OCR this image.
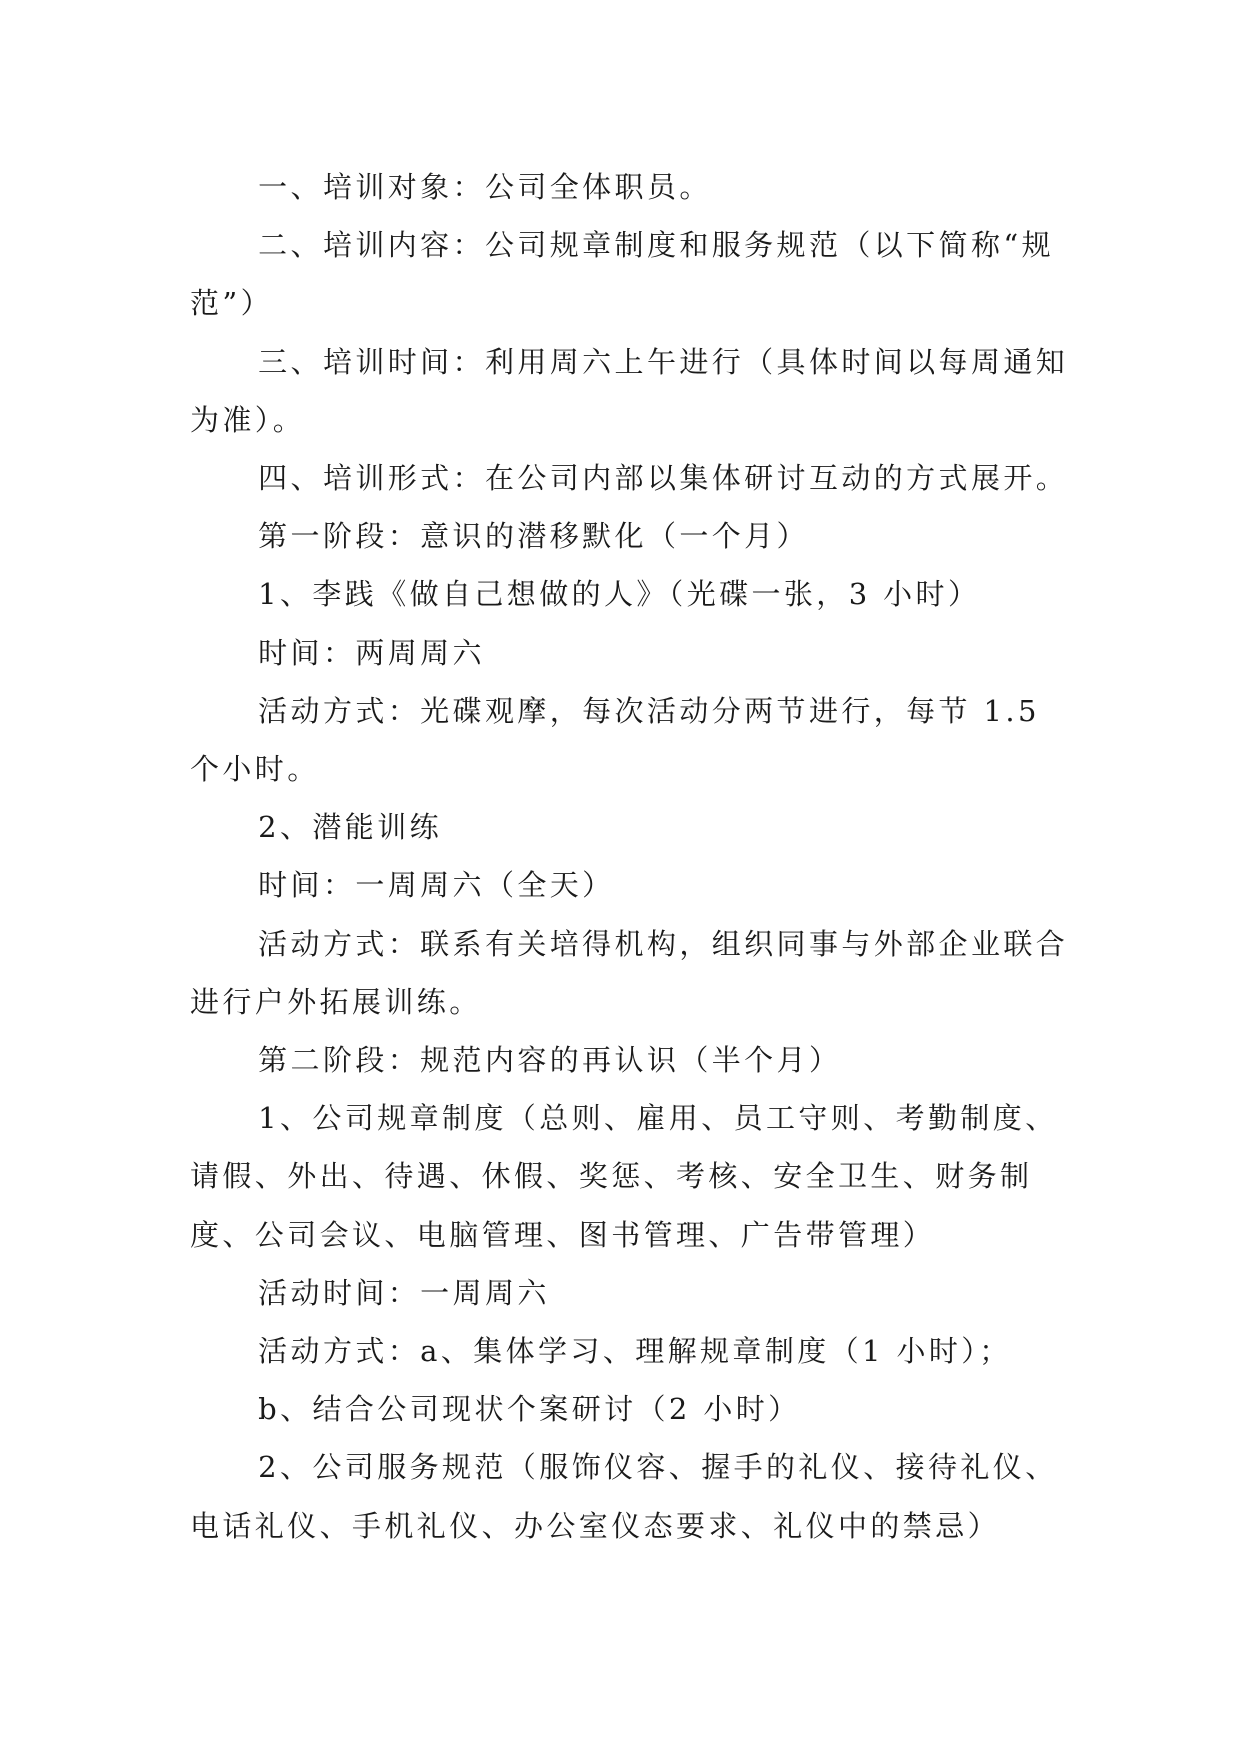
一、培训对象：公司全体职员。

二、培训内容：公司规章制度和服务规范（以下简称“规范”）

三、培训时间：利用周六上午进行（具体时间以每周通知为准）。

四、培训形式：在公司内部以集体研讨互动的方式展开。

第一阶段：意识的潜移默化（一个月）

1、李践《做自己想做的人》（光碟一张，3 小时）

时间：两周周六

活动方式：光碟观摩，每次活动分两节进行，每节 1.5 个小时。

2、潜能训练

时间：一周周六（全天）

活动方式：联系有关培得机构，组织同事与外部企业联合进行户外拓展训练。

第二阶段：规范内容的再认识（半个月）

1、公司规章制度（总则、雇用、员工守则、考勤制度、请假、外出、待遇、休假、奖惩、考核、安全卫生、财务制度、公司会议、电脑管理、图书管理、广告带管理）

活动时间：一周周六

活动方式：a、集体学习、理解规章制度（1 小时）；

b、结合公司现状个案研讨（2 小时）

2、公司服务规范（服饰仪容、握手的礼仪、接待礼仪、电话礼仪、手机礼仪、办公室仪态要求、礼仪中的禁忌）
